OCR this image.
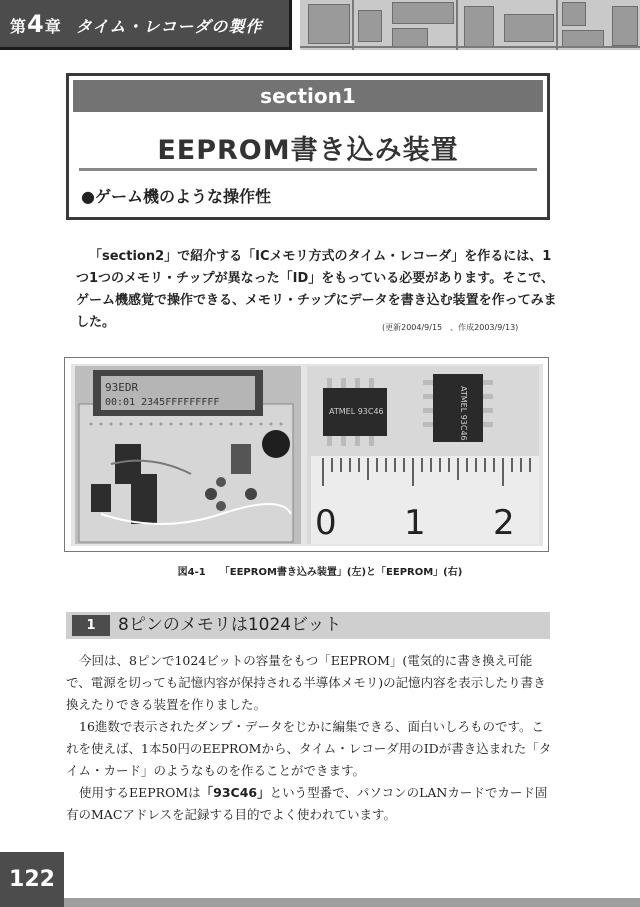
第4章 タイム・レコーダの製作
section1
EEPROM書き込み装置
●ゲーム機のような操作性

「section2」で紹介する「ICメモリ方式のタイム・レコーダ」を作るには、1つ1つのメモリ・チップが異なった「ID」をもっている必要があります。そこで、ゲーム機感覚で操作できる、メモリ・チップにデータを書き込む装置を作ってみました。	(更新2004/9/15　、作成2003/9/13)
93EDR
00:01 2345FFFFFFFFF
ATMEL 93C46	ATMEL 93C46
0 1 2
図4-1 「EEPROM書き込み装置」(左)と「EEPROM」(右)
1	8ピンのメモリは1024ビット

今回は、8ピンで1024ビットの容量をもつ「EEPROM」(電気的に書き換え可能で、電源を切っても記憶内容が保持される半導体メモリ)の記憶内容を表示したり書き換えたりできる装置を作りました。

16進数で表示されたダンプ・データをじかに編集できる、面白いしろものです。これを使えば、1本50円のEEPROMから、タイム・レコーダ用のIDが書き込まれた「タイム・カード」のようなものを作ることができます。

使用するEEPROMは「93C46」という型番で、パソコンのLANカードでカード固有のMACアドレスを記録する目的でよく使われています。

122
